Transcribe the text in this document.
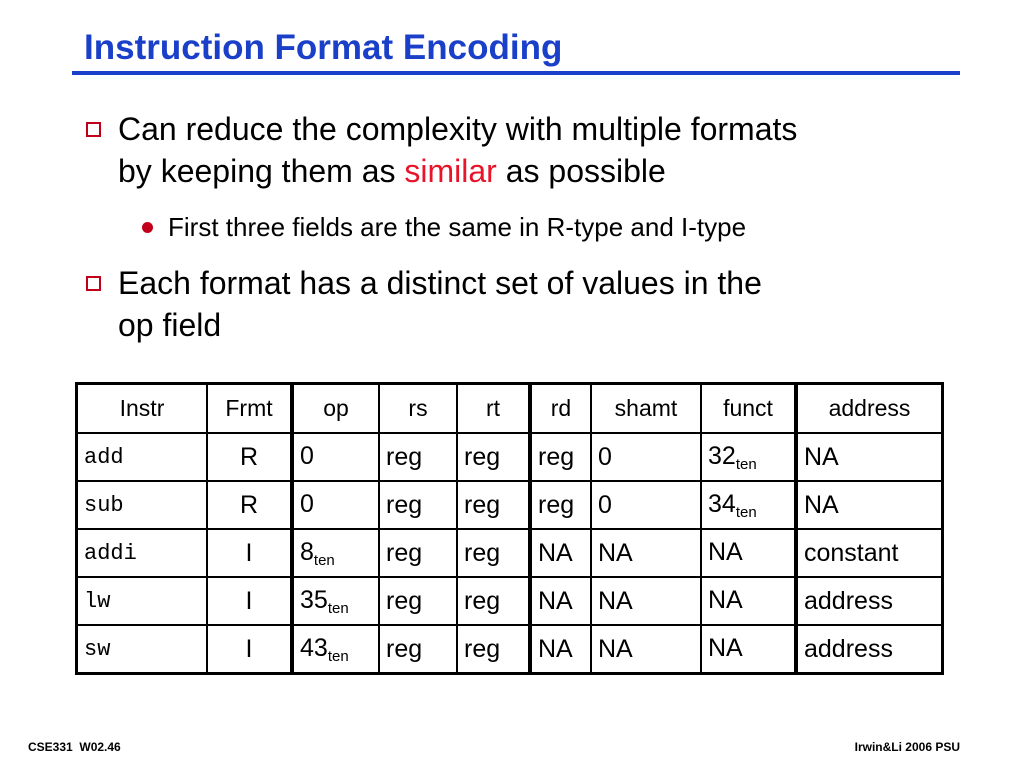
Instruction Format Encoding
Can reduce the complexity with multiple formats
by keeping them as similar as possible
First three fields are the same in R-type and I-type
Each format has a distinct set of values in the
op field
Instr	Frmt	op	rs	rt	rd	shamt	funct	address
add	R	0	reg	reg	reg	0	$32_{ten}$	NA
sub	R	0	reg	reg	reg	0	$34_{ten}$	NA
addi	I	$8_{ten}$	reg	reg	NA	NA	NA	constant
lw	I	$35_{ten}$	reg	reg	NA	NA	NA	address
sw	I	$43_{ten}$	reg	reg	NA	NA	NA	address
CSE331  W02.46	Irwin&Li 2006 PSU
